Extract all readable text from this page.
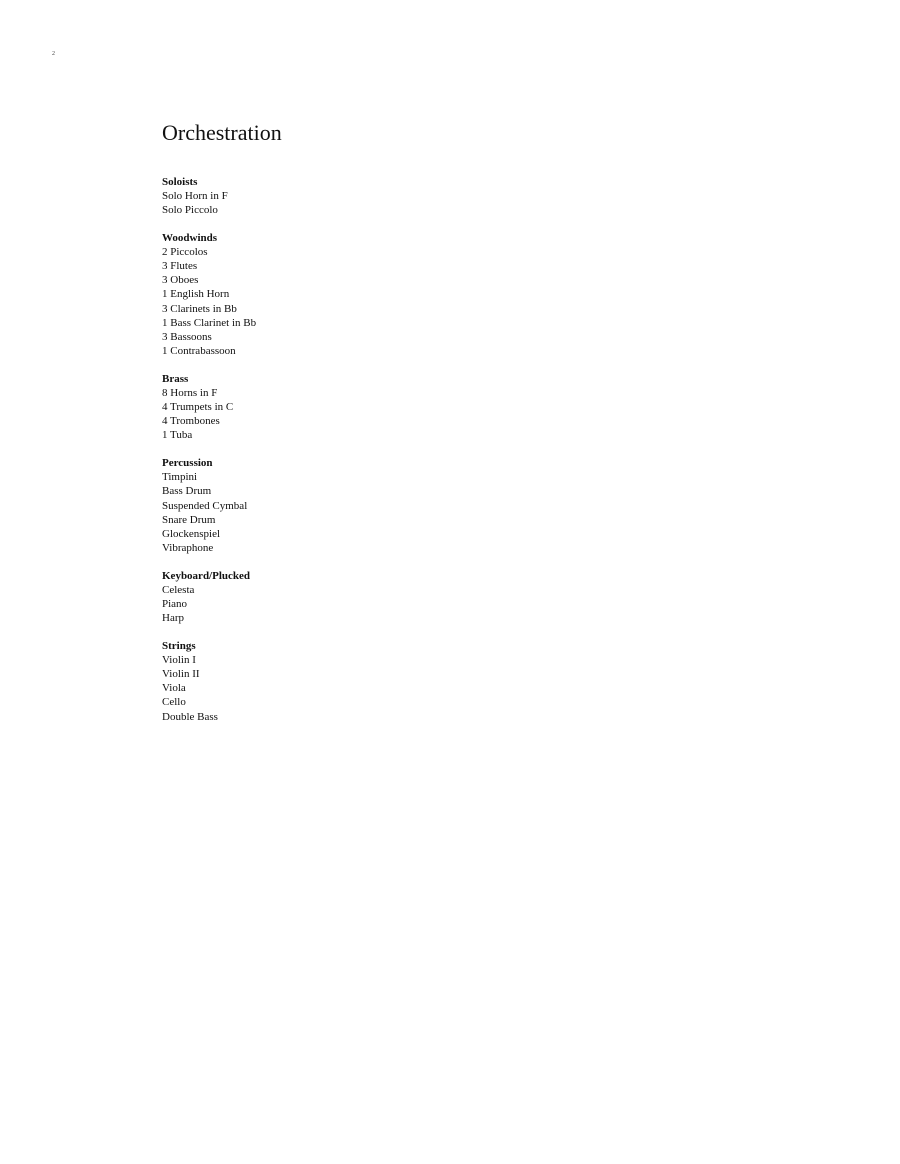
2
Orchestration
Soloists
Solo Horn in F
Solo Piccolo
Woodwinds
2 Piccolos
3 Flutes
3 Oboes
1 English Horn
3 Clarinets in Bb
1 Bass Clarinet in Bb
3 Bassoons
1 Contrabassoon
Brass
8 Horns in F
4 Trumpets in C
4 Trombones
1 Tuba
Percussion
Timpini
Bass Drum
Suspended Cymbal
Snare Drum
Glockenspiel
Vibraphone
Keyboard/Plucked
Celesta
Piano
Harp
Strings
Violin I
Violin II
Viola
Cello
Double Bass
